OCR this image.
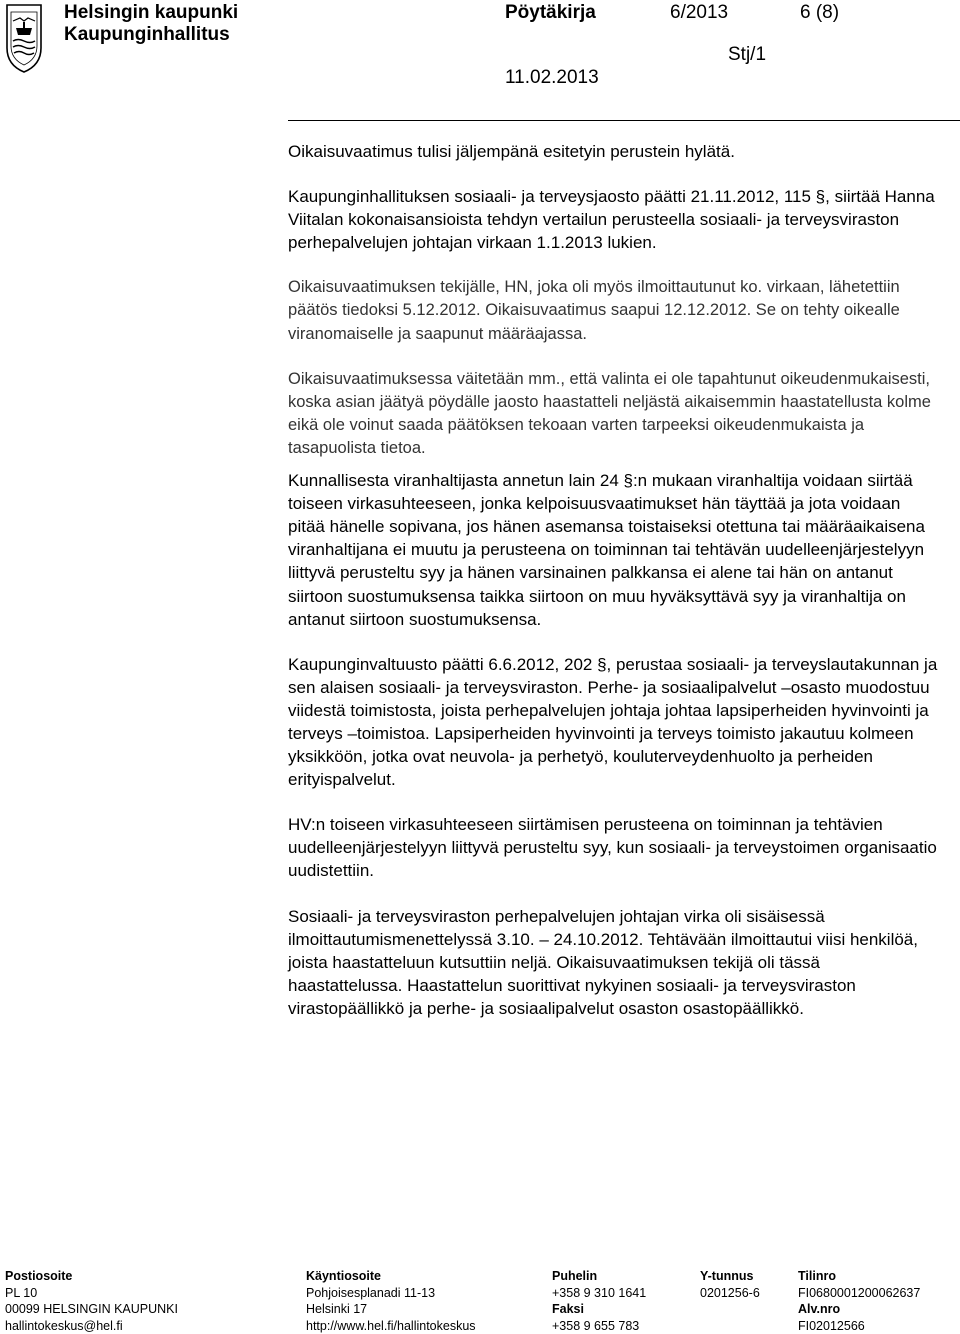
Helsingin kaupunki
Kaupunginhallitus
Pöytäkirja	6/2013	6 (8)
Stj/1
11.02.2013

Oikaisuvaatimus tulisi jäljempänä esitetyin perustein hylätä.

Kaupunginhallituksen sosiaali- ja terveysjaosto päätti 21.11.2012, 115 §, siirtää Hanna Viitalan kokonaisansioista tehdyn vertailun perusteella sosiaali- ja terveysviraston perhepalvelujen johtajan virkaan 1.1.2013 lukien.

Oikaisuvaatimuksen tekijälle, HN, joka oli myös ilmoittautunut ko. virkaan, lähetettiin päätös tiedoksi 5.12.2012. Oikaisuvaatimus saapui 12.12.2012. Se on tehty oikealle viranomaiselle ja saapunut määräajassa.

Oikaisuvaatimuksessa väitetään mm., että valinta ei ole tapahtunut oikeudenmukaisesti, koska asian jäätyä pöydälle jaosto haastatteli neljästä aikaisemmin haastatellusta kolme eikä ole voinut saada päätöksen tekoaan varten tarpeeksi oikeudenmukaista ja tasapuolista tietoa.

Kunnallisesta viranhaltijasta annetun lain 24 §:n mukaan viranhaltija voidaan siirtää toiseen virkasuhteeseen, jonka kelpoisuusvaatimukset hän täyttää ja jota voidaan pitää hänelle sopivana, jos hänen asemansa toistaiseksi otettuna tai määräaikaisena viranhaltijana ei muutu ja perusteena on toiminnan tai tehtävän uudelleenjärjestelyyn liittyvä perusteltu syy ja hänen varsinainen palkkansa ei alene tai hän on antanut siirtoon suostumuksensa taikka siirtoon on muu hyväksyttävä syy ja viranhaltija on antanut siirtoon suostumuksensa.

Kaupunginvaltuusto päätti 6.6.2012, 202 §, perustaa sosiaali- ja terveyslautakunnan ja sen alaisen sosiaali- ja terveysviraston. Perhe- ja sosiaalipalvelut –osasto muodostuu viidestä toimistosta, joista perhepalvelujen johtaja johtaa lapsiperheiden hyvinvointi ja terveys –toimistoa. Lapsiperheiden hyvinvointi ja terveys toimisto jakautuu kolmeen yksikköön, jotka ovat neuvola- ja perhetyö, kouluterveydenhuolto ja perheiden erityispalvelut.

HV:n toiseen virkasuhteeseen siirtämisen perusteena on toiminnan ja tehtävien uudelleenjärjestelyyn liittyvä perusteltu syy, kun sosiaali- ja terveystoimen organisaatio uudistettiin.

Sosiaali- ja terveysviraston perhepalvelujen johtajan virka oli sisäisessä ilmoittautumismenettelyssä 3.10. – 24.10.2012. Tehtävään ilmoittautui viisi henkilöä, joista haastatteluun kutsuttiin neljä. Oikaisuvaatimuksen tekijä oli tässä haastattelussa. Haastattelun suorittivat nykyinen sosiaali- ja terveysviraston virastopäällikkö ja perhe- ja sosiaalipalvelut osaston osastopäällikkö.

Postiosoite
PL 10
00099 HELSINGIN KAUPUNKI
hallintokeskus@hel.fi
Käyntiosoite
Pohjoisesplanadi 11-13
Helsinki 17
http://www.hel.fi/hallintokeskus
Puhelin
+358 9 310 1641
Faksi
+358 9 655 783
Y-tunnus
0201256-6
Tilinro
FI0680001200062637
Alv.nro
FI02012566
